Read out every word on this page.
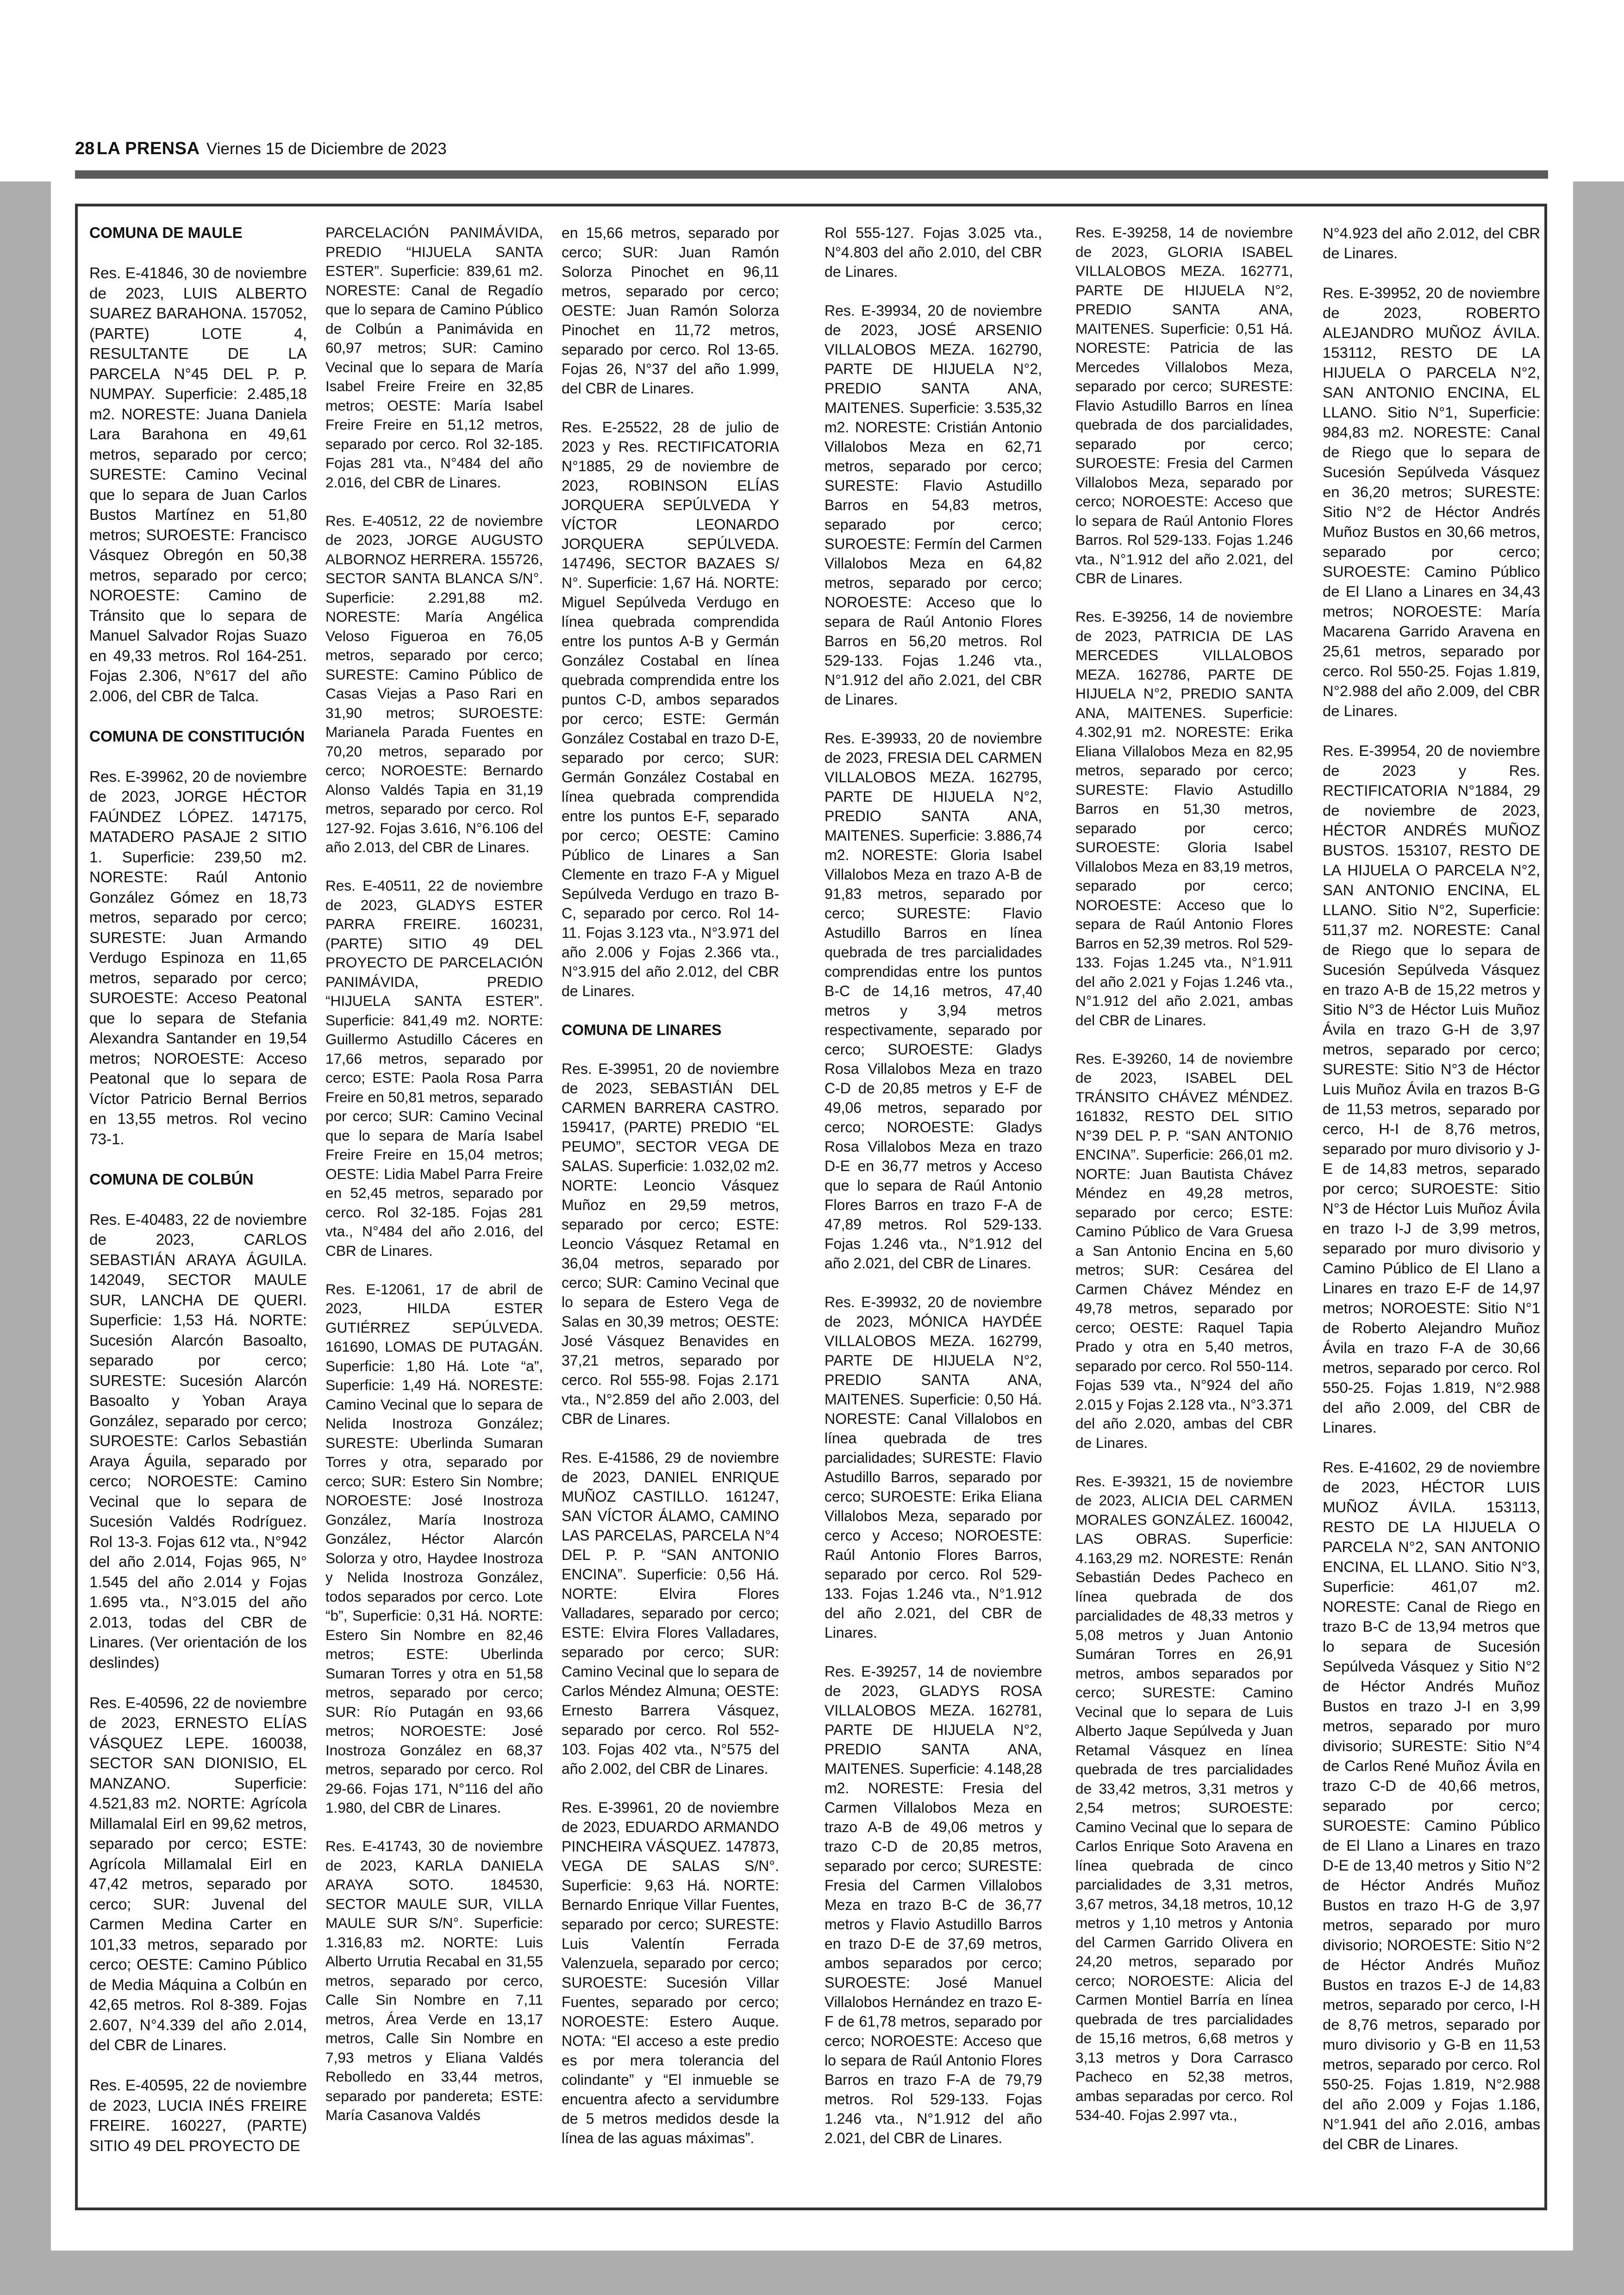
28 LA PRENSA Viernes 15 de Diciembre de 2023
COMUNA DE MAULE

Res. E-41846, 30 de noviembre de 2023, LUIS ALBERTO SUAREZ BARAHONA. 157052, (PARTE) LOTE 4, RESULTANTE DE LA PARCELA N°45 DEL P. P. NUMPAY. Superficie: 2.485,18 m2. NORESTE: Juana Daniela Lara Barahona en 49,61 metros, separado por cerco; SURESTE: Camino Vecinal que lo separa de Juan Carlos Bustos Martínez en 51,80 metros; SUROESTE: Francisco Vásquez Obregón en 50,38 metros, separado por cerco; NOROESTE: Camino de Tránsito que lo separa de Manuel Salvador Rojas Suazo en 49,33 metros. Rol 164-251. Fojas 2.306, N°617 del año 2.006, del CBR de Talca.

COMUNA DE CONSTITUCIÓN

Res. E-39962, 20 de noviembre de 2023, JORGE HÉCTOR FAÚNDEZ LÓPEZ. 147175, MATADERO PASAJE 2 SITIO 1. Superficie: 239,50 m2. NORESTE: Raúl Antonio González Gómez en 18,73 metros, separado por cerco; SURESTE: Juan Armando Verdugo Espinoza en 11,65 metros, separado por cerco; SUROESTE: Acceso Peatonal que lo separa de Stefania Alexandra Santander en 19,54 metros; NOROESTE: Acceso Peatonal que lo separa de Víctor Patricio Bernal Berrios en 13,55 metros. Rol vecino 73-1.

COMUNA DE COLBÚN

Res. E-40483, 22 de noviembre de 2023, CARLOS SEBASTIÁN ARAYA ÁGUILA. 142049, SECTOR MAULE SUR, LANCHA DE QUERI. Superficie: 1,53 Há. NORTE: Sucesión Alarcón Basoalto, separado por cerco; SURESTE: Sucesión Alarcón Basoalto y Yoban Araya González, separado por cerco; SUROESTE: Carlos Sebastián Araya Águila, separado por cerco; NOROESTE: Camino Vecinal que lo separa de Sucesión Valdés Rodríguez. Rol 13-3. Fojas 612 vta., N°942 del año 2.014, Fojas 965, N° 1.545 del año 2.014 y Fojas 1.695 vta., N°3.015 del año 2.013, todas del CBR de Linares. (Ver orientación de los deslindes)

Res. E-40596, 22 de noviembre de 2023, ERNESTO ELÍAS VÁSQUEZ LEPE. 160038, SECTOR SAN DIONISIO, EL MANZANO. Superficie: 4.521,83 m2. NORTE: Agrícola Millamalal Eirl en 99,62 metros, separado por cerco; ESTE: Agrícola Millamalal Eirl en 47,42 metros, separado por cerco; SUR: Juvenal del Carmen Medina Carter en 101,33 metros, separado por cerco; OESTE: Camino Público de Media Máquina a Colbún en 42,65 metros. Rol 8-389. Fojas 2.607, N°4.339 del año 2.014, del CBR de Linares.

Res. E-40595, 22 de noviembre de 2023, LUCIA INÉS FREIRE FREIRE. 160227, (PARTE) SITIO 49 DEL PROYECTO DE

PARCELACIÓN PANIMÁVIDA, PREDIO “HIJUELA SANTA ESTER”. Superficie: 839,61 m2. NORESTE: Canal de Regadío que lo separa de Camino Público de Colbún a Panimávida en 60,97 metros; SUR: Camino Vecinal que lo separa de María Isabel Freire Freire en 32,85 metros; OESTE: María Isabel Freire Freire en 51,12 metros, separado por cerco. Rol 32-185. Fojas 281 vta., N°484 del año 2.016, del CBR de Linares.

Res. E-40512, 22 de noviembre de 2023, JORGE AUGUSTO ALBORNOZ HERRERA. 155726, SECTOR SANTA BLANCA S/N°. Superficie: 2.291,88 m2. NORESTE: María Angélica Veloso Figueroa en 76,05 metros, separado por cerco; SURESTE: Camino Público de Casas Viejas a Paso Rari en 31,90 metros; SUROESTE: Marianela Parada Fuentes en 70,20 metros, separado por cerco; NOROESTE: Bernardo Alonso Valdés Tapia en 31,19 metros, separado por cerco. Rol 127-92. Fojas 3.616, N°6.106 del año 2.013, del CBR de Linares.

Res. E-40511, 22 de noviembre de 2023, GLADYS ESTER PARRA FREIRE. 160231, (PARTE) SITIO 49 DEL PROYECTO DE PARCELACIÓN PANIMÁVIDA, PREDIO “HIJUELA SANTA ESTER”. Superficie: 841,49 m2. NORTE: Guillermo Astudillo Cáceres en 17,66 metros, separado por cerco; ESTE: Paola Rosa Parra Freire en 50,81 metros, separado por cerco; SUR: Camino Vecinal que lo separa de María Isabel Freire Freire en 15,04 metros; OESTE: Lidia Mabel Parra Freire en 52,45 metros, separado por cerco. Rol 32-185. Fojas 281 vta., N°484 del año 2.016, del CBR de Linares.

Res. E-12061, 17 de abril de 2023, HILDA ESTER GUTIÉRREZ SEPÚLVEDA. 161690, LOMAS DE PUTAGÁN. Superficie: 1,80 Há. Lote “a”, Superficie: 1,49 Há. NORESTE: Camino Vecinal que lo separa de Nelida Inostroza González; SURESTE: Uberlinda Sumaran Torres y otra, separado por cerco; SUR: Estero Sin Nombre; NOROESTE: José Inostroza González, María Inostroza González, Héctor Alarcón Solorza y otro, Haydee Inostroza y Nelida Inostroza González, todos separados por cerco. Lote “b”, Superficie: 0,31 Há. NORTE: Estero Sin Nombre en 82,46 metros; ESTE: Uberlinda Sumaran Torres y otra en 51,58 metros, separado por cerco; SUR: Río Putagán en 93,66 metros; NOROESTE: José Inostroza González en 68,37 metros, separado por cerco. Rol 29-66. Fojas 171, N°116 del año 1.980, del CBR de Linares.

Res. E-41743, 30 de noviembre de 2023, KARLA DANIELA ARAYA SOTO. 184530, SECTOR MAULE SUR, VILLA MAULE SUR S/N°. Superficie: 1.316,83 m2. NORTE: Luis Alberto Urrutia Recabal en 31,55 metros, separado por cerco, Calle Sin Nombre en 7,11 metros, Área Verde en 13,17 metros, Calle Sin Nombre en 7,93 metros y Eliana Valdés Rebolledo en 33,44 metros, separado por pandereta; ESTE: María Casanova Valdés

en 15,66 metros, separado por cerco; SUR: Juan Ramón Solorza Pinochet en 96,11 metros, separado por cerco; OESTE: Juan Ramón Solorza Pinochet en 11,72 metros, separado por cerco. Rol 13-65. Fojas 26, N°37 del año 1.999, del CBR de Linares.

Res. E-25522, 28 de julio de 2023 y Res. RECTIFICATORIA N°1885, 29 de noviembre de 2023, ROBINSON ELÍAS JORQUERA SEPÚLVEDA Y VÍCTOR LEONARDO JORQUERA SEPÚLVEDA. 147496, SECTOR BAZAES S/ N°. Superficie: 1,67 Há. NORTE: Miguel Sepúlveda Verdugo en línea quebrada comprendida entre los puntos A-B y Germán González Costabal en línea quebrada comprendida entre los puntos C-D, ambos separados por cerco; ESTE: Germán González Costabal en trazo D-E, separado por cerco; SUR: Germán González Costabal en línea quebrada comprendida entre los puntos E-F, separado por cerco; OESTE: Camino Público de Linares a San Clemente en trazo F-A y Miguel Sepúlveda Verdugo en trazo B-C, separado por cerco. Rol 14-11. Fojas 3.123 vta., N°3.971 del año 2.006 y Fojas 2.366 vta., N°3.915 del año 2.012, del CBR de Linares.

COMUNA DE LINARES

Res. E-39951, 20 de noviembre de 2023, SEBASTIÁN DEL CARMEN BARRERA CASTRO. 159417, (PARTE) PREDIO “EL PEUMO”, SECTOR VEGA DE SALAS. Superficie: 1.032,02 m2. NORTE: Leoncio Vásquez Muñoz en 29,59 metros, separado por cerco; ESTE: Leoncio Vásquez Retamal en 36,04 metros, separado por cerco; SUR: Camino Vecinal que lo separa de Estero Vega de Salas en 30,39 metros; OESTE: José Vásquez Benavides en 37,21 metros, separado por cerco. Rol 555-98. Fojas 2.171 vta., N°2.859 del año 2.003, del CBR de Linares.

Res. E-41586, 29 de noviembre de 2023, DANIEL ENRIQUE MUÑOZ CASTILLO. 161247, SAN VÍCTOR ÁLAMO, CAMINO LAS PARCELAS, PARCELA N°4 DEL P. P. “SAN ANTONIO ENCINA”. Superficie: 0,56 Há. NORTE: Elvira Flores Valladares, separado por cerco; ESTE: Elvira Flores Valladares, separado por cerco; SUR: Camino Vecinal que lo separa de Carlos Méndez Almuna; OESTE: Ernesto Barrera Vásquez, separado por cerco. Rol 552-103. Fojas 402 vta., N°575 del año 2.002, del CBR de Linares.

Res. E-39961, 20 de noviembre de 2023, EDUARDO ARMANDO PINCHEIRA VÁSQUEZ. 147873, VEGA DE SALAS S/N°. Superficie: 9,63 Há. NORTE: Bernardo Enrique Villar Fuentes, separado por cerco; SURESTE: Luis Valentín Ferrada Valenzuela, separado por cerco; SUROESTE: Sucesión Villar Fuentes, separado por cerco; NOROESTE: Estero Auque. NOTA: “El acceso a este predio es por mera tolerancia del colindante” y “El inmueble se encuentra afecto a servidumbre de 5 metros medidos desde la línea de las aguas máximas”.

Rol 555-127. Fojas 3.025 vta., N°4.803 del año 2.010, del CBR de Linares.

Res. E-39934, 20 de noviembre de 2023, JOSÉ ARSENIO VILLALOBOS MEZA. 162790, PARTE DE HIJUELA N°2, PREDIO SANTA ANA, MAITENES. Superficie: 3.535,32 m2. NORESTE: Cristián Antonio Villalobos Meza en 62,71 metros, separado por cerco; SURESTE: Flavio Astudillo Barros en 54,83 metros, separado por cerco; SUROESTE: Fermín del Carmen Villalobos Meza en 64,82 metros, separado por cerco; NOROESTE: Acceso que lo separa de Raúl Antonio Flores Barros en 56,20 metros. Rol 529-133. Fojas 1.246 vta., N°1.912 del año 2.021, del CBR de Linares.

Res. E-39933, 20 de noviembre de 2023, FRESIA DEL CARMEN VILLALOBOS MEZA. 162795, PARTE DE HIJUELA N°2, PREDIO SANTA ANA, MAITENES. Superficie: 3.886,74 m2. NORESTE: Gloria Isabel Villalobos Meza en trazo A-B de 91,83 metros, separado por cerco; SURESTE: Flavio Astudillo Barros en línea quebrada de tres parcialidades comprendidas entre los puntos B-C de 14,16 metros, 47,40 metros y 3,94 metros respectivamente, separado por cerco; SUROESTE: Gladys Rosa Villalobos Meza en trazo C-D de 20,85 metros y E-F de 49,06 metros, separado por cerco; NOROESTE: Gladys Rosa Villalobos Meza en trazo D-E en 36,77 metros y Acceso que lo separa de Raúl Antonio Flores Barros en trazo F-A de 47,89 metros. Rol 529-133. Fojas 1.246 vta., N°1.912 del año 2.021, del CBR de Linares.

Res. E-39932, 20 de noviembre de 2023, MÓNICA HAYDÉE VILLALOBOS MEZA. 162799, PARTE DE HIJUELA N°2, PREDIO SANTA ANA, MAITENES. Superficie: 0,50 Há. NORESTE: Canal Villalobos en línea quebrada de tres parcialidades; SURESTE: Flavio Astudillo Barros, separado por cerco; SUROESTE: Erika Eliana Villalobos Meza, separado por cerco y Acceso; NOROESTE: Raúl Antonio Flores Barros, separado por cerco. Rol 529-133. Fojas 1.246 vta., N°1.912 del año 2.021, del CBR de Linares.

Res. E-39257, 14 de noviembre de 2023, GLADYS ROSA VILLALOBOS MEZA. 162781, PARTE DE HIJUELA N°2, PREDIO SANTA ANA, MAITENES. Superficie: 4.148,28 m2. NORESTE: Fresia del Carmen Villalobos Meza en trazo A-B de 49,06 metros y trazo C-D de 20,85 metros, separado por cerco; SURESTE: Fresia del Carmen Villalobos Meza en trazo B-C de 36,77 metros y Flavio Astudillo Barros en trazo D-E de 37,69 metros, ambos separados por cerco; SUROESTE: José Manuel Villalobos Hernández en trazo E-F de 61,78 metros, separado por cerco; NOROESTE: Acceso que lo separa de Raúl Antonio Flores Barros en trazo F-A de 79,79 metros. Rol 529-133. Fojas 1.246 vta., N°1.912 del año 2.021, del CBR de Linares.

Res. E-39258, 14 de noviembre de 2023, GLORIA ISABEL VILLALOBOS MEZA. 162771, PARTE DE HIJUELA N°2, PREDIO SANTA ANA, MAITENES. Superficie: 0,51 Há. NORESTE: Patricia de las Mercedes Villalobos Meza, separado por cerco; SURESTE: Flavio Astudillo Barros en línea quebrada de dos parcialidades, separado por cerco; SUROESTE: Fresia del Carmen Villalobos Meza, separado por cerco; NOROESTE: Acceso que lo separa de Raúl Antonio Flores Barros. Rol 529-133. Fojas 1.246 vta., N°1.912 del año 2.021, del CBR de Linares.

Res. E-39256, 14 de noviembre de 2023, PATRICIA DE LAS MERCEDES VILLALOBOS MEZA. 162786, PARTE DE HIJUELA N°2, PREDIO SANTA ANA, MAITENES. Superficie: 4.302,91 m2. NORESTE: Erika Eliana Villalobos Meza en 82,95 metros, separado por cerco; SURESTE: Flavio Astudillo Barros en 51,30 metros, separado por cerco; SUROESTE: Gloria Isabel Villalobos Meza en 83,19 metros, separado por cerco; NOROESTE: Acceso que lo separa de Raúl Antonio Flores Barros en 52,39 metros. Rol 529-133. Fojas 1.245 vta., N°1.911 del año 2.021 y Fojas 1.246 vta., N°1.912 del año 2.021, ambas del CBR de Linares.

Res. E-39260, 14 de noviembre de 2023, ISABEL DEL TRÁNSITO CHÁVEZ MÉNDEZ. 161832, RESTO DEL SITIO N°39 DEL P. P. “SAN ANTONIO ENCINA”. Superficie: 266,01 m2. NORTE: Juan Bautista Chávez Méndez en 49,28 metros, separado por cerco; ESTE: Camino Público de Vara Gruesa a San Antonio Encina en 5,60 metros; SUR: Cesárea del Carmen Chávez Méndez en 49,78 metros, separado por cerco; OESTE: Raquel Tapia Prado y otra en 5,40 metros, separado por cerco. Rol 550-114. Fojas 539 vta., N°924 del año 2.015 y Fojas 2.128 vta., N°3.371 del año 2.020, ambas del CBR de Linares.

Res. E-39321, 15 de noviembre de 2023, ALICIA DEL CARMEN MORALES GONZÁLEZ. 160042, LAS OBRAS. Superficie: 4.163,29 m2. NORESTE: Renán Sebastián Dedes Pacheco en línea quebrada de dos parcialidades de 48,33 metros y 5,08 metros y Juan Antonio Sumáran Torres en 26,91 metros, ambos separados por cerco; SURESTE: Camino Vecinal que lo separa de Luis Alberto Jaque Sepúlveda y Juan Retamal Vásquez en línea quebrada de tres parcialidades de 33,42 metros, 3,31 metros y 2,54 metros; SUROESTE: Camino Vecinal que lo separa de Carlos Enrique Soto Aravena en línea quebrada de cinco parcialidades de 3,31 metros, 3,67 metros, 34,18 metros, 10,12 metros y 1,10 metros y Antonia del Carmen Garrido Olivera en 24,20 metros, separado por cerco; NOROESTE: Alicia del Carmen Montiel Barría en línea quebrada de tres parcialidades de 15,16 metros, 6,68 metros y 3,13 metros y Dora Carrasco Pacheco en 52,38 metros, ambas separadas por cerco. Rol 534-40. Fojas 2.997 vta.,

N°4.923 del año 2.012, del CBR de Linares.

Res. E-39952, 20 de noviembre de 2023, ROBERTO ALEJANDRO MUÑOZ ÁVILA. 153112, RESTO DE LA HIJUELA O PARCELA N°2, SAN ANTONIO ENCINA, EL LLANO. Sitio N°1, Superficie: 984,83 m2. NORESTE: Canal de Riego que lo separa de Sucesión Sepúlveda Vásquez en 36,20 metros; SURESTE: Sitio N°2 de Héctor Andrés Muñoz Bustos en 30,66 metros, separado por cerco; SUROESTE: Camino Público de El Llano a Linares en 34,43 metros; NOROESTE: María Macarena Garrido Aravena en 25,61 metros, separado por cerco. Rol 550-25. Fojas 1.819, N°2.988 del año 2.009, del CBR de Linares.

Res. E-39954, 20 de noviembre de 2023 y Res. RECTIFICATORIA N°1884, 29 de noviembre de 2023, HÉCTOR ANDRÉS MUÑOZ BUSTOS. 153107, RESTO DE LA HIJUELA O PARCELA N°2, SAN ANTONIO ENCINA, EL LLANO. Sitio N°2, Superficie: 511,37 m2. NORESTE: Canal de Riego que lo separa de Sucesión Sepúlveda Vásquez en trazo A-B de 15,22 metros y Sitio N°3 de Héctor Luis Muñoz Ávila en trazo G-H de 3,97 metros, separado por cerco; SURESTE: Sitio N°3 de Héctor Luis Muñoz Ávila en trazos B-G de 11,53 metros, separado por cerco, H-I de 8,76 metros, separado por muro divisorio y J-E de 14,83 metros, separado por cerco; SUROESTE: Sitio N°3 de Héctor Luis Muñoz Ávila en trazo I-J de 3,99 metros, separado por muro divisorio y Camino Público de El Llano a Linares en trazo E-F de 14,97 metros; NOROESTE: Sitio N°1 de Roberto Alejandro Muñoz Ávila en trazo F-A de 30,66 metros, separado por cerco. Rol 550-25. Fojas 1.819, N°2.988 del año 2.009, del CBR de Linares.

Res. E-41602, 29 de noviembre de 2023, HÉCTOR LUIS MUÑOZ ÁVILA. 153113, RESTO DE LA HIJUELA O PARCELA N°2, SAN ANTONIO ENCINA, EL LLANO. Sitio N°3, Superficie: 461,07 m2. NORESTE: Canal de Riego en trazo B-C de 13,94 metros que lo separa de Sucesión Sepúlveda Vásquez y Sitio N°2 de Héctor Andrés Muñoz Bustos en trazo J-I en 3,99 metros, separado por muro divisorio; SURESTE: Sitio N°4 de Carlos René Muñoz Ávila en trazo C-D de 40,66 metros, separado por cerco; SUROESTE: Camino Público de El Llano a Linares en trazo D-E de 13,40 metros y Sitio N°2 de Héctor Andrés Muñoz Bustos en trazo H-G de 3,97 metros, separado por muro divisorio; NOROESTE: Sitio N°2 de Héctor Andrés Muñoz Bustos en trazos E-J de 14,83 metros, separado por cerco, I-H de 8,76 metros, separado por muro divisorio y G-B en 11,53 metros, separado por cerco. Rol 550-25. Fojas 1.819, N°2.988 del año 2.009 y Fojas 1.186, N°1.941 del año 2.016, ambas del CBR de Linares.
